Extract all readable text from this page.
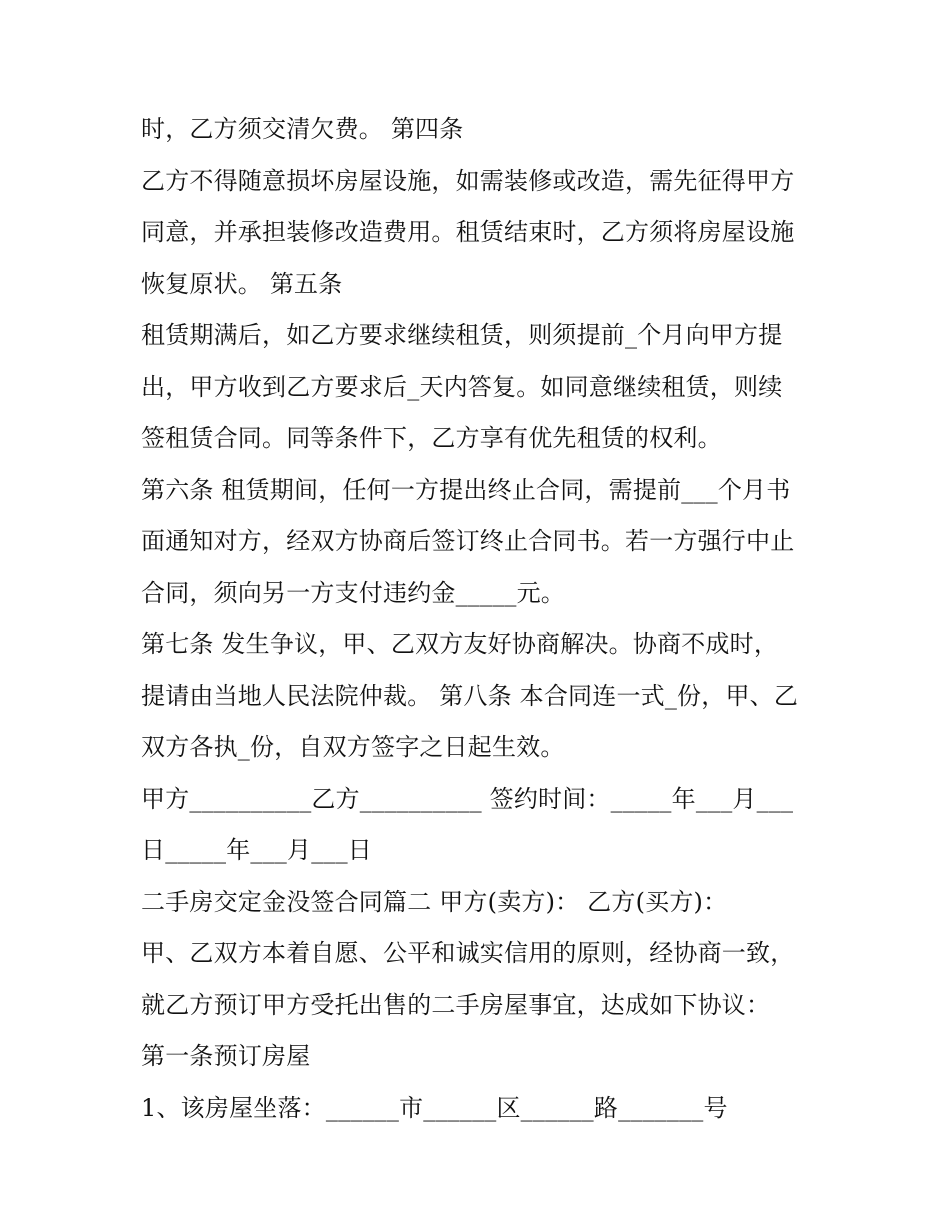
时，乙方须交清欠费。 第四条
乙方不得随意损坏房屋设施，如需装修或改造，需先征得甲方
同意，并承担装修改造费用。租赁结束时，乙方须将房屋设施
恢复原状。 第五条
租赁期满后，如乙方要求继续租赁，则须提前_个月向甲方提
出，甲方收到乙方要求后_天内答复。如同意继续租赁，则续
签租赁合同。同等条件下，乙方享有优先租赁的权利。
第六条 租赁期间，任何一方提出终止合同，需提前___个月书
面通知对方，经双方协商后签订终止合同书。若一方强行中止
合同，须向另一方支付违约金_____元。
第七条 发生争议，甲、乙双方友好协商解决。协商不成时，
提请由当地人民法院仲裁。 第八条 本合同连一式_份，甲、乙
双方各执_份，自双方签字之日起生效。
甲方__________乙方__________ 签约时间：_____年___月___
日_____年___月___日
二手房交定金没签合同篇二 甲方(卖方)： 乙方(买方)：
甲、乙双方本着自愿、公平和诚实信用的原则，经协商一致，
就乙方预订甲方受托出售的二手房屋事宜，达成如下协议：
第一条预订房屋
1、该房屋坐落：______市______区______路_______号
